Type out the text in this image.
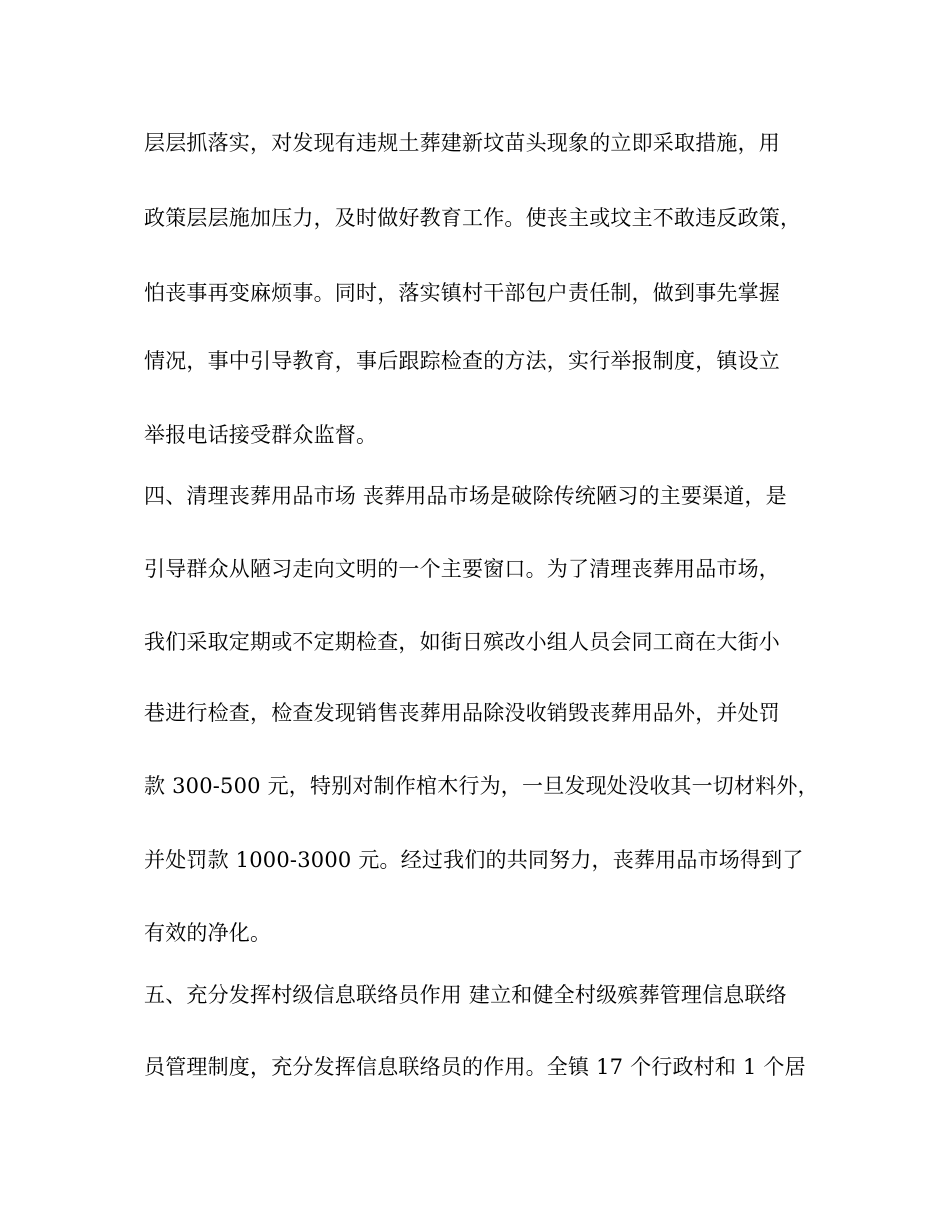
层层抓落实，对发现有违规土葬建新坟苗头现象的立即采取措施，用
政策层层施加压力，及时做好教育工作。使丧主或坟主不敢违反政策，
怕丧事再变麻烦事。同时，落实镇村干部包户责任制，做到事先掌握
情况，事中引导教育，事后跟踪检查的方法，实行举报制度，镇设立
举报电话接受群众监督。
四、清理丧葬用品市场 丧葬用品市场是破除传统陋习的主要渠道，是
引导群众从陋习走向文明的一个主要窗口。为了清理丧葬用品市场，
我们采取定期或不定期检查，如街日殡改小组人员会同工商在大街小
巷进行检查，检查发现销售丧葬用品除没收销毁丧葬用品外，并处罚
款 300-500 元，特别对制作棺木行为，一旦发现处没收其一切材料外，
并处罚款 1000-3000 元。经过我们的共同努力，丧葬用品市场得到了
有效的净化。
五、充分发挥村级信息联络员作用 建立和健全村级殡葬管理信息联络
员管理制度，充分发挥信息联络员的作用。全镇 17 个行政村和 1 个居
